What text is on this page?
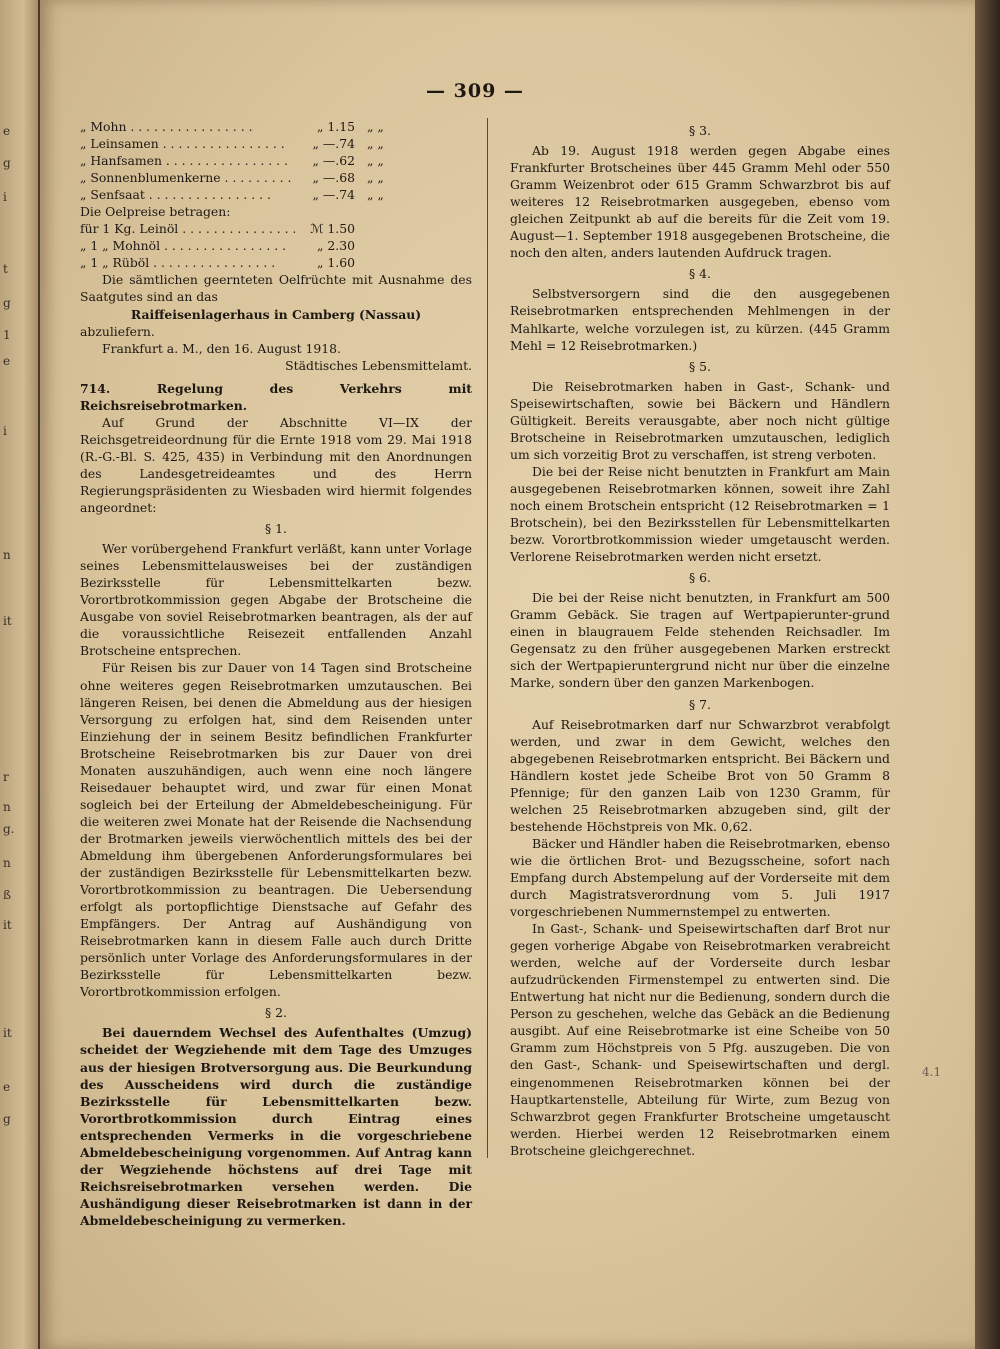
e
g
i
t
g
1
e
i
n
it
r
n
g.
n
ß
it
it
e
g
— 309 —
„ Mohn . . .	„ 1.15 „ „
„ Leinsamen . . .	„ —.74 „ „
„ Hanfsamen . . .	„ —.62 „ „
„ Sonnenblumenkerne . . .	„ —.68 „ „
„ Senfsaat . . .	„ —.74 „ „

Die Oelpreise betragen:

für 1 Kg. Leinöl . . .	ℳ 1.50
„ 1 „ Mohnöl . . .	„ 2.30
„ 1 „ Rüböl . . .	„ 1.60

Die sämtlichen geernteten Oelfrüchte mit Ausnahme des Saatgutes sind an das

Raiffeisenlagerhaus in Camberg (Nassau)

abzuliefern.

Frankfurt a. M., den 16. August 1918.

Städtisches Lebensmittelamt.

714. Regelung des Verkehrs mit Reichsreisebrotmarken.

Auf Grund der Abschnitte VI—IX der Reichsgetreideordnung für die Ernte 1918 vom 29. Mai 1918 (R.-G.-Bl. S. 425, 435) in Verbindung mit den Anordnungen des Landesgetreideamtes und des Herrn Regierungspräsidenten zu Wiesbaden wird hiermit folgendes angeordnet:

§ 1.

Wer vorübergehend Frankfurt verläßt, kann unter Vorlage seines Lebensmittelausweises bei der zuständigen Bezirksstelle für Lebensmittelkarten bezw. Vorortbrotkommission gegen Abgabe der Brotscheine die Ausgabe von soviel Reisebrotmarken beantragen, als der auf die voraussichtliche Reisezeit entfallenden Anzahl Brotscheine entsprechen.

Für Reisen bis zur Dauer von 14 Tagen sind Brotscheine ohne weiteres gegen Reisebrotmarken umzutauschen. Bei längeren Reisen, bei denen die Abmeldung aus der hiesigen Versorgung zu erfolgen hat, sind dem Reisenden unter Einziehung der in seinem Besitz befindlichen Frankfurter Brotscheine Reisebrotmarken bis zur Dauer von drei Monaten auszuhändigen, auch wenn eine noch längere Reisedauer behauptet wird, und zwar für einen Monat sogleich bei der Erteilung der Abmeldebescheinigung. Für die weiteren zwei Monate hat der Reisende die Nachsendung der Brotmarken jeweils vierwöchentlich mittels des bei der Abmeldung ihm übergebenen Anforderungsformulares bei der zuständigen Bezirksstelle für Lebensmittelkarten bezw. Vorortbrotkommission zu beantragen. Die Uebersendung erfolgt als portopflichtige Dienstsache auf Gefahr des Empfängers. Der Antrag auf Aushändigung von Reisebrotmarken kann in diesem Falle auch durch Dritte persönlich unter Vorlage des Anforderungsformulares in der Bezirksstelle für Lebensmittelkarten bezw. Vorortbrotkommission erfolgen.

§ 2.

Bei dauerndem Wechsel des Aufenthaltes (Umzug) scheidet der Wegziehende mit dem Tage des Umzuges aus der hiesigen Brotversorgung aus. Die Beurkundung des Ausscheidens wird durch die zuständige Bezirksstelle für Lebensmittelkarten bezw. Vorortbrotkommission durch Eintrag eines entsprechenden Vermerks in die vorgeschriebene Abmeldebescheinigung vorgenommen. Auf Antrag kann der Wegziehende höchstens auf drei Tage mit Reichsreisebrotmarken versehen werden. Die Aushändigung dieser Reisebrotmarken ist dann in der Abmeldebescheinigung zu vermerken.

§ 3.

Ab 19. August 1918 werden gegen Abgabe eines Frankfurter Brotscheines über 445 Gramm Mehl oder 550 Gramm Weizenbrot oder 615 Gramm Schwarzbrot bis auf weiteres 12 Reisebrotmarken ausgegeben, ebenso vom gleichen Zeitpunkt ab auf die bereits für die Zeit vom 19. August—1. September 1918 ausgegebenen Brotscheine, die noch den alten, anders lautenden Aufdruck tragen.

§ 4.

Selbstversorgern sind die den ausgegebenen Reisebrotmarken entsprechenden Mehlmengen in der Mahlkarte, welche vorzulegen ist, zu kürzen. (445 Gramm Mehl = 12 Reisebrotmarken.)

§ 5.

Die Reisebrotmarken haben in Gast-, Schank- und Speisewirtschaften, sowie bei Bäckern und Händlern Gültigkeit. Bereits verausgabte, aber noch nicht gültige Brotscheine in Reisebrotmarken umzutauschen, lediglich um sich vorzeitig Brot zu verschaffen, ist streng verboten.

Die bei der Reise nicht benutzten in Frankfurt am Main ausgegebenen Reisebrotmarken können, soweit ihre Zahl noch einem Brotschein entspricht (12 Reisebrotmarken = 1 Brotschein), bei den Bezirksstellen für Lebensmittelkarten bezw. Vorortbrotkommission wieder umgetauscht werden. Verlorene Reisebrotmarken werden nicht ersetzt.

§ 6.

Die bei der Reise nicht benutzten, in Frankfurt am 500 Gramm Gebäck. Sie tragen auf Wertpapierunter-grund einen in blaugrauem Felde stehenden Reichsadler. Im Gegensatz zu den früher ausgegebenen Marken erstreckt sich der Wertpapieruntergrund nicht nur über die einzelne Marke, sondern über den ganzen Markenbogen.

§ 7.

Auf Reisebrotmarken darf nur Schwarzbrot verabfolgt werden, und zwar in dem Gewicht, welches den abgegebenen Reisebrotmarken entspricht. Bei Bäckern und Händlern kostet jede Scheibe Brot von 50 Gramm 8 Pfennige; für den ganzen Laib von 1230 Gramm, für welchen 25 Reisebrotmarken abzugeben sind, gilt der bestehende Höchstpreis von Mk. 0,62.

Bäcker und Händler haben die Reisebrotmarken, ebenso wie die örtlichen Brot- und Bezugsscheine, sofort nach Empfang durch Abstempelung auf der Vorderseite mit dem durch Magistratsverordnung vom 5. Juli 1917 vorgeschriebenen Nummernstempel zu entwerten.

In Gast-, Schank- und Speisewirtschaften darf Brot nur gegen vorherige Abgabe von Reisebrotmarken verabreicht werden, welche auf der Vorderseite durch lesbar aufzudrückenden Firmenstempel zu entwerten sind. Die Entwertung hat nicht nur die Bedienung, sondern durch die Person zu geschehen, welche das Gebäck an die Bedienung ausgibt. Auf eine Reisebrotmarke ist eine Scheibe von 50 Gramm zum Höchstpreis von 5 Pfg. auszugeben. Die von den Gast-, Schank- und Speisewirtschaften und dergl. eingenommenen Reisebrotmarken können bei der Hauptkartenstelle, Abteilung für Wirte, zum Bezug von Schwarzbrot gegen Frankfurter Brotscheine umgetauscht werden. Hierbei werden 12 Reisebrotmarken einem Brotscheine gleichgerechnet.

4.1
